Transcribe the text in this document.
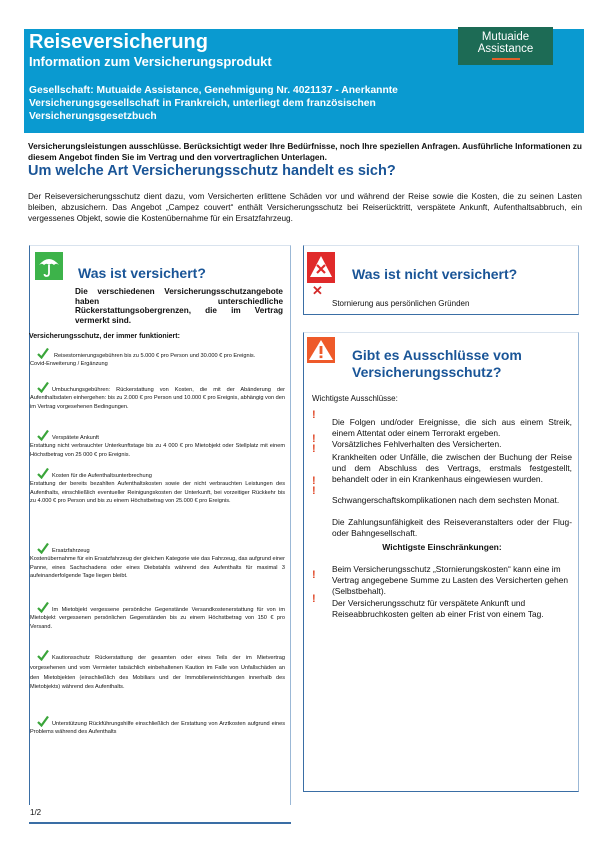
Reiseversicherung
Information zum Versicherungsprodukt
Gesellschaft: Mutuaide Assistance, Genehmigung Nr. 4021137 - Anerkannte Versicherungsgesellschaft in Frankreich, unterliegt dem französischen Versicherungsgesetzbuch
Mutuaide
Assistance
Versicherungsleistungen ausschlüsse. Berücksichtigt weder Ihre Bedürfnisse, noch Ihre speziellen Anfragen. Ausführliche Informationen zu diesem Angebot finden Sie im Vertrag und den vorvertraglichen Unterlagen.
Um welche Art Versicherungsschutz handelt es sich?
Der Reiseversicherungsschutz dient dazu, vom Versicherten erlittene Schäden vor und während der Reise sowie die Kosten, die zu seinen Lasten bleiben, abzusichern. Das Angebot „Campez couvert“ enthält Versicherungsschutz bei Reiserücktritt, verspätete Ankunft, Aufenthaltsabbruch, ein vergessenes Objekt, sowie die Kostenübernahme für ein Ersatzfahrzeug.
Was ist versichert?
Die verschiedenen Versicherungsschutzangebote haben unterschiedliche Rückerstattungsobergrenzen, die im Vertrag vermerkt sind.
Versicherungsschutz, der immer funktioniert:
Reisestornierungsgebühren bis zu 5.000 € pro Person und 30.000 € pro Ereignis.
Covid-Erweiterung / Ergänzung
Umbuchungsgebühren: Rückerstattung von Kosten, die mit der Abänderung der Aufenthaltsdaten einhergehen: bis zu 2.000 € pro Person und 10.000 € pro Ereignis, abhängig von den im Vertrag vorgesehenen Bedingungen.
Verspätete Ankunft
Erstattung nicht verbrauchter Unterkunftstage bis zu 4 000 € pro Mietobjekt oder Stellplatz mit einem Höchstbetrag von 25 000 € pro Ereignis.
Kosten für die Aufenthaltsunterbrechung
Erstattung der bereits bezahlten Aufenthaltskosten sowie der nicht verbrauchten Leistungen des Aufenthalts, einschließlich eventueller Reinigungskosten der Unterkunft, bei vorzeitiger Rückkehr bis zu 4.000 € pro Person und bis zu einem Höchstbetrag von 25.000 € pro Ereignis.
Ersatzfahrzeug
Kostenübernahme für ein Ersatzfahrzeug der gleichen Kategorie wie das Fahrzeug, das aufgrund einer Panne, eines Sachschadens oder eines Diebstahls während des Aufenthalts für maximal 3 aufeinanderfolgende Tage liegen bleibt.
Im Mietobjekt vergessene persönliche Gegenstände Versandkostenerstattung für von im Mietobjekt vergessenen persönlichen Gegenständen bis zu einem Höchstbetrag von 150 € pro Versand.
Kautionsschutz Rückerstattung der gesamten oder eines Teils der im Mietvertrag vorgesehenen und vom Vermieter tatsächlich einbehaltenen Kaution im Falle von Unfallschäden an den Mietobjekten (einschließlich des Mobiliars und der Immobileneinrichtungen innerhalb des Mietobjekts) während des Aufenthalts.
Unterstützung Rückführungshilfe einschließlich der Erstattung von Arztkosten aufgrund eines Problems während des Aufenthalts
1/2
✕
Was ist nicht versichert?
Stornierung aus persönlichen Gründen
Gibt es Ausschlüsse vom
Versicherungsschutz?
Wichtigste Ausschlüsse:
!
Die Folgen und/oder Ereignisse, die sich aus einem Streik, einem Attentat oder einem Terrorakt ergeben.
! Vorsätzliches Fehlverhalten des Versicherten.
!
Krankheiten oder Unfälle, die zwischen der Buchung der Reise und dem Abschluss des Vertrags, erstmals festgestellt, behandelt oder in ein Krankenhaus eingewiesen wurden.
!
Schwangerschaftskomplikationen nach dem sechsten Monat.
!
Die Zahlungsunfähigkeit des Reiseveranstalters oder der Flug- oder Bahngesellschaft.
Wichtigste Einschränkungen:
! Beim Versicherungsschutz „Stornierungskosten“ kann eine im Vertrag angegebene Summe zu Lasten des Versicherten gehen (Selbstbehalt).
! Der Versicherungsschutz für verspätete Ankunft und Reiseabbruchkosten gelten ab einer Frist von einem Tag.
